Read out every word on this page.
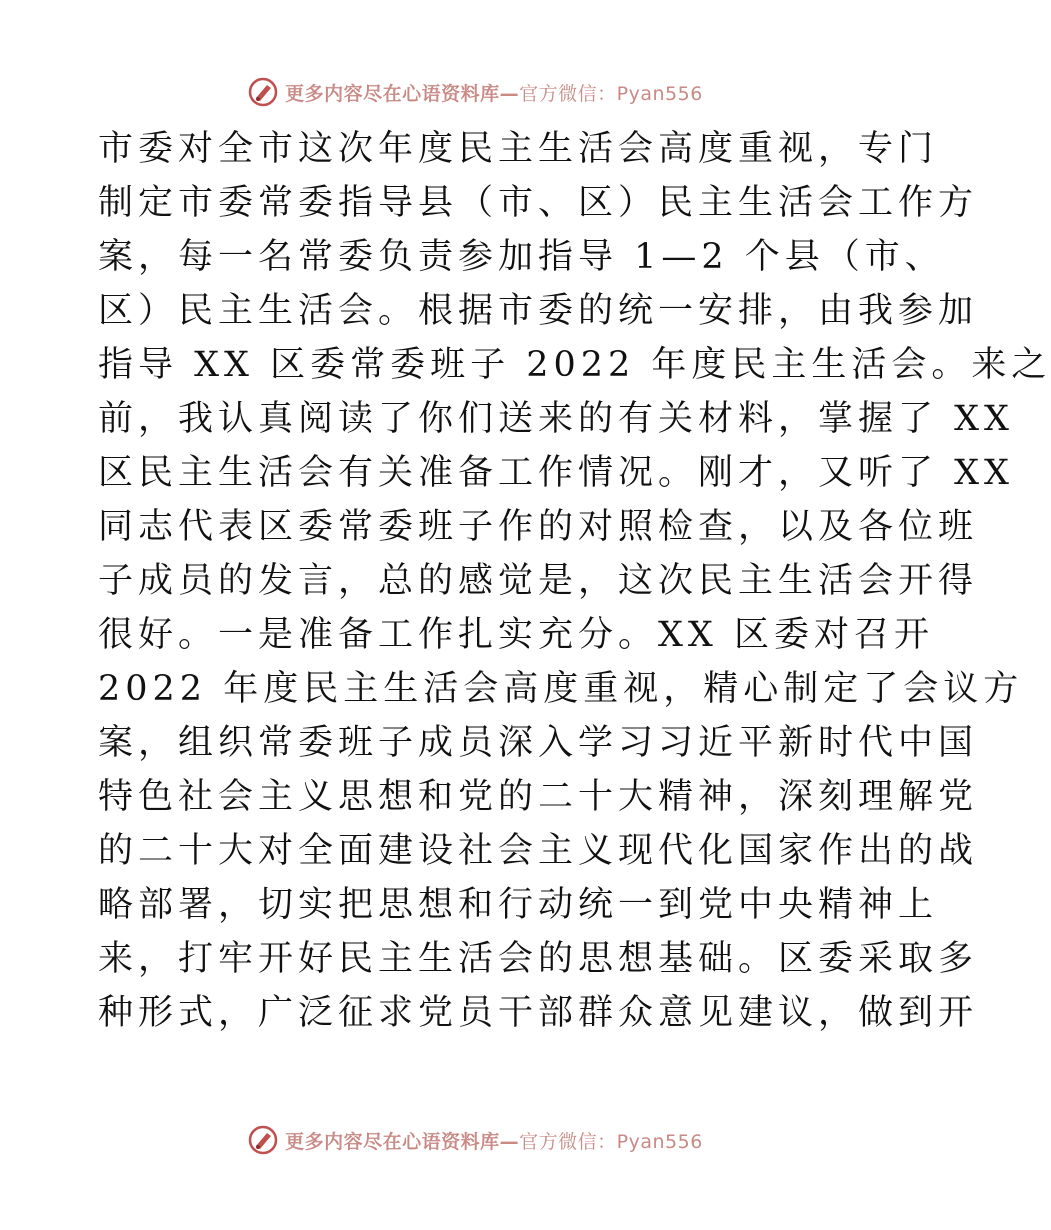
更多内容尽在心语资料库—官方微信：Pyan556
市委对全市这次年度民主生活会高度重视，专门
制定市委常委指导县（市、区）民主生活会工作方
案，每一名常委负责参加指导 1—2 个县（市、
区）民主生活会。根据市委的统一安排，由我参加
指导 XX 区委常委班子 2022 年度民主生活会。来之
前，我认真阅读了你们送来的有关材料，掌握了 XX
区民主生活会有关准备工作情况。刚才，又听了 XX
同志代表区委常委班子作的对照检查，以及各位班
子成员的发言，总的感觉是，这次民主生活会开得
很好。一是准备工作扎实充分。XX 区委对召开
2022 年度民主生活会高度重视，精心制定了会议方
案，组织常委班子成员深入学习习近平新时代中国
特色社会主义思想和党的二十大精神，深刻理解党
的二十大对全面建设社会主义现代化国家作出的战
略部署，切实把思想和行动统一到党中央精神上
来，打牢开好民主生活会的思想基础。区委采取多
种形式，广泛征求党员干部群众意见建议，做到开
更多内容尽在心语资料库—官方微信：Pyan556
